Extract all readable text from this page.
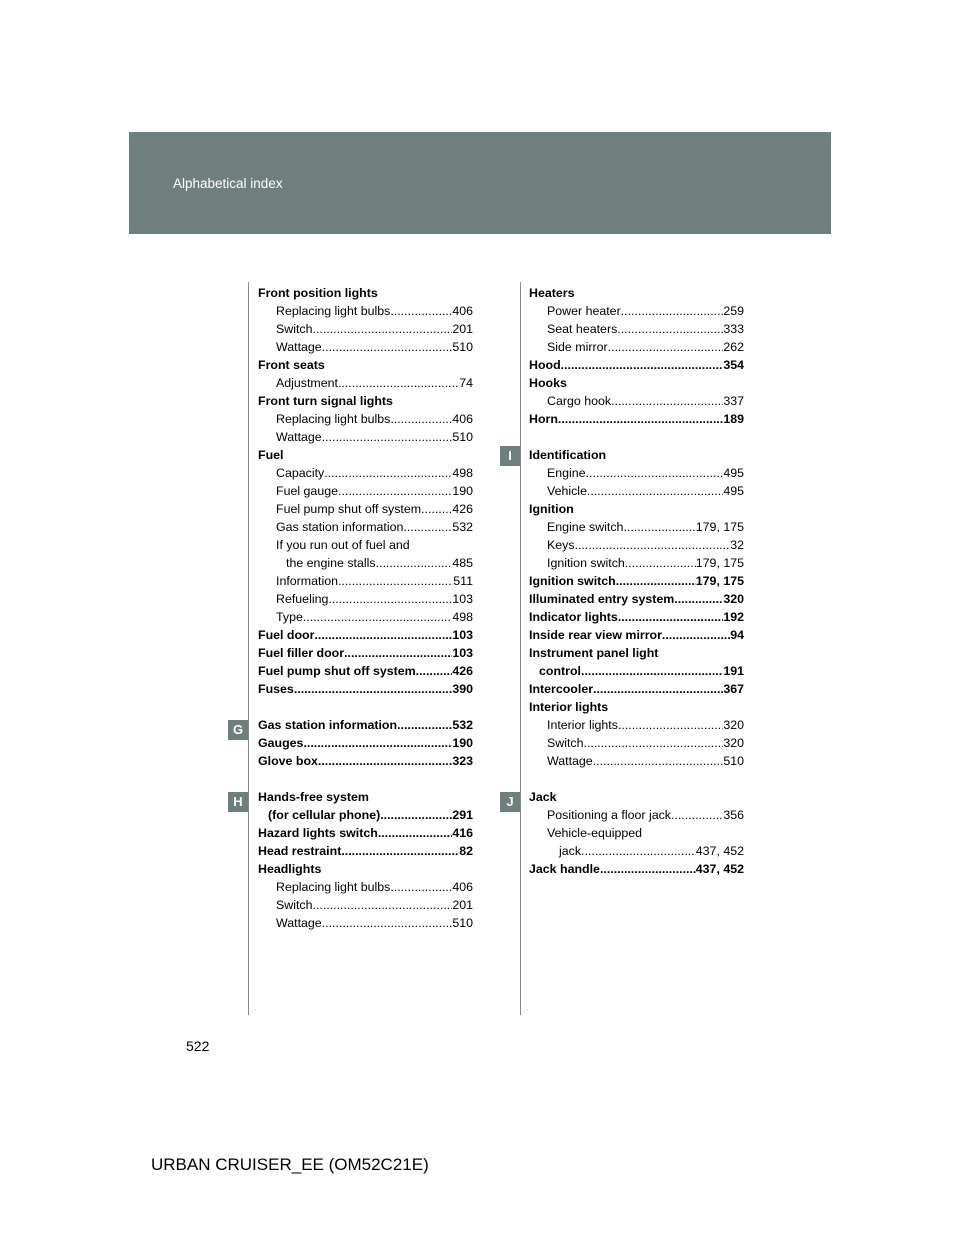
Alphabetical index
G
H
I
J
Front position lights
Replacing light bulbs .....	406
Switch .....	201
Wattage .....	510
Front seats
Adjustment .....	74
Front turn signal lights
Replacing light bulbs .....	406
Wattage .....	510
Fuel
Capacity .....	498
Fuel gauge .....	190
Fuel pump shut off system .....	426
Gas station information .....	532
If you run out of fuel and
the engine stalls .....	485
Information .....	511
Refueling .....	103
Type .....	498
Fuel door .....	103
Fuel filler door .....	103
Fuel pump shut off system .....	426
Fuses .....	390
Gas station information .....	532
Gauges .....	190
Glove box .....	323
Hands-free system
(for cellular phone) .....	291
Hazard lights switch .....	416
Head restraint .....	82
Headlights
Replacing light bulbs .....	406
Switch .....	201
Wattage .....	510
Heaters
Power heater .....	259
Seat heaters .....	333
Side mirror .....	262
Hood .....	354
Hooks
Cargo hook .....	337
Horn .....	189
Identification
Engine .....	495
Vehicle .....	495
Ignition
Engine switch .....	179, 175
Keys .....	32
Ignition switch .....	179, 175
Ignition switch .....	179, 175
Illuminated entry system .....	320
Indicator lights .....	192
Inside rear view mirror .....	94
Instrument panel light
control .....	191
Intercooler .....	367
Interior lights
Interior lights .....	320
Switch .....	320
Wattage .....	510
Jack
Positioning a floor jack .....	356
Vehicle-equipped
jack .....	437, 452
Jack handle .....	437, 452
522
URBAN CRUISER_EE (OM52C21E)
